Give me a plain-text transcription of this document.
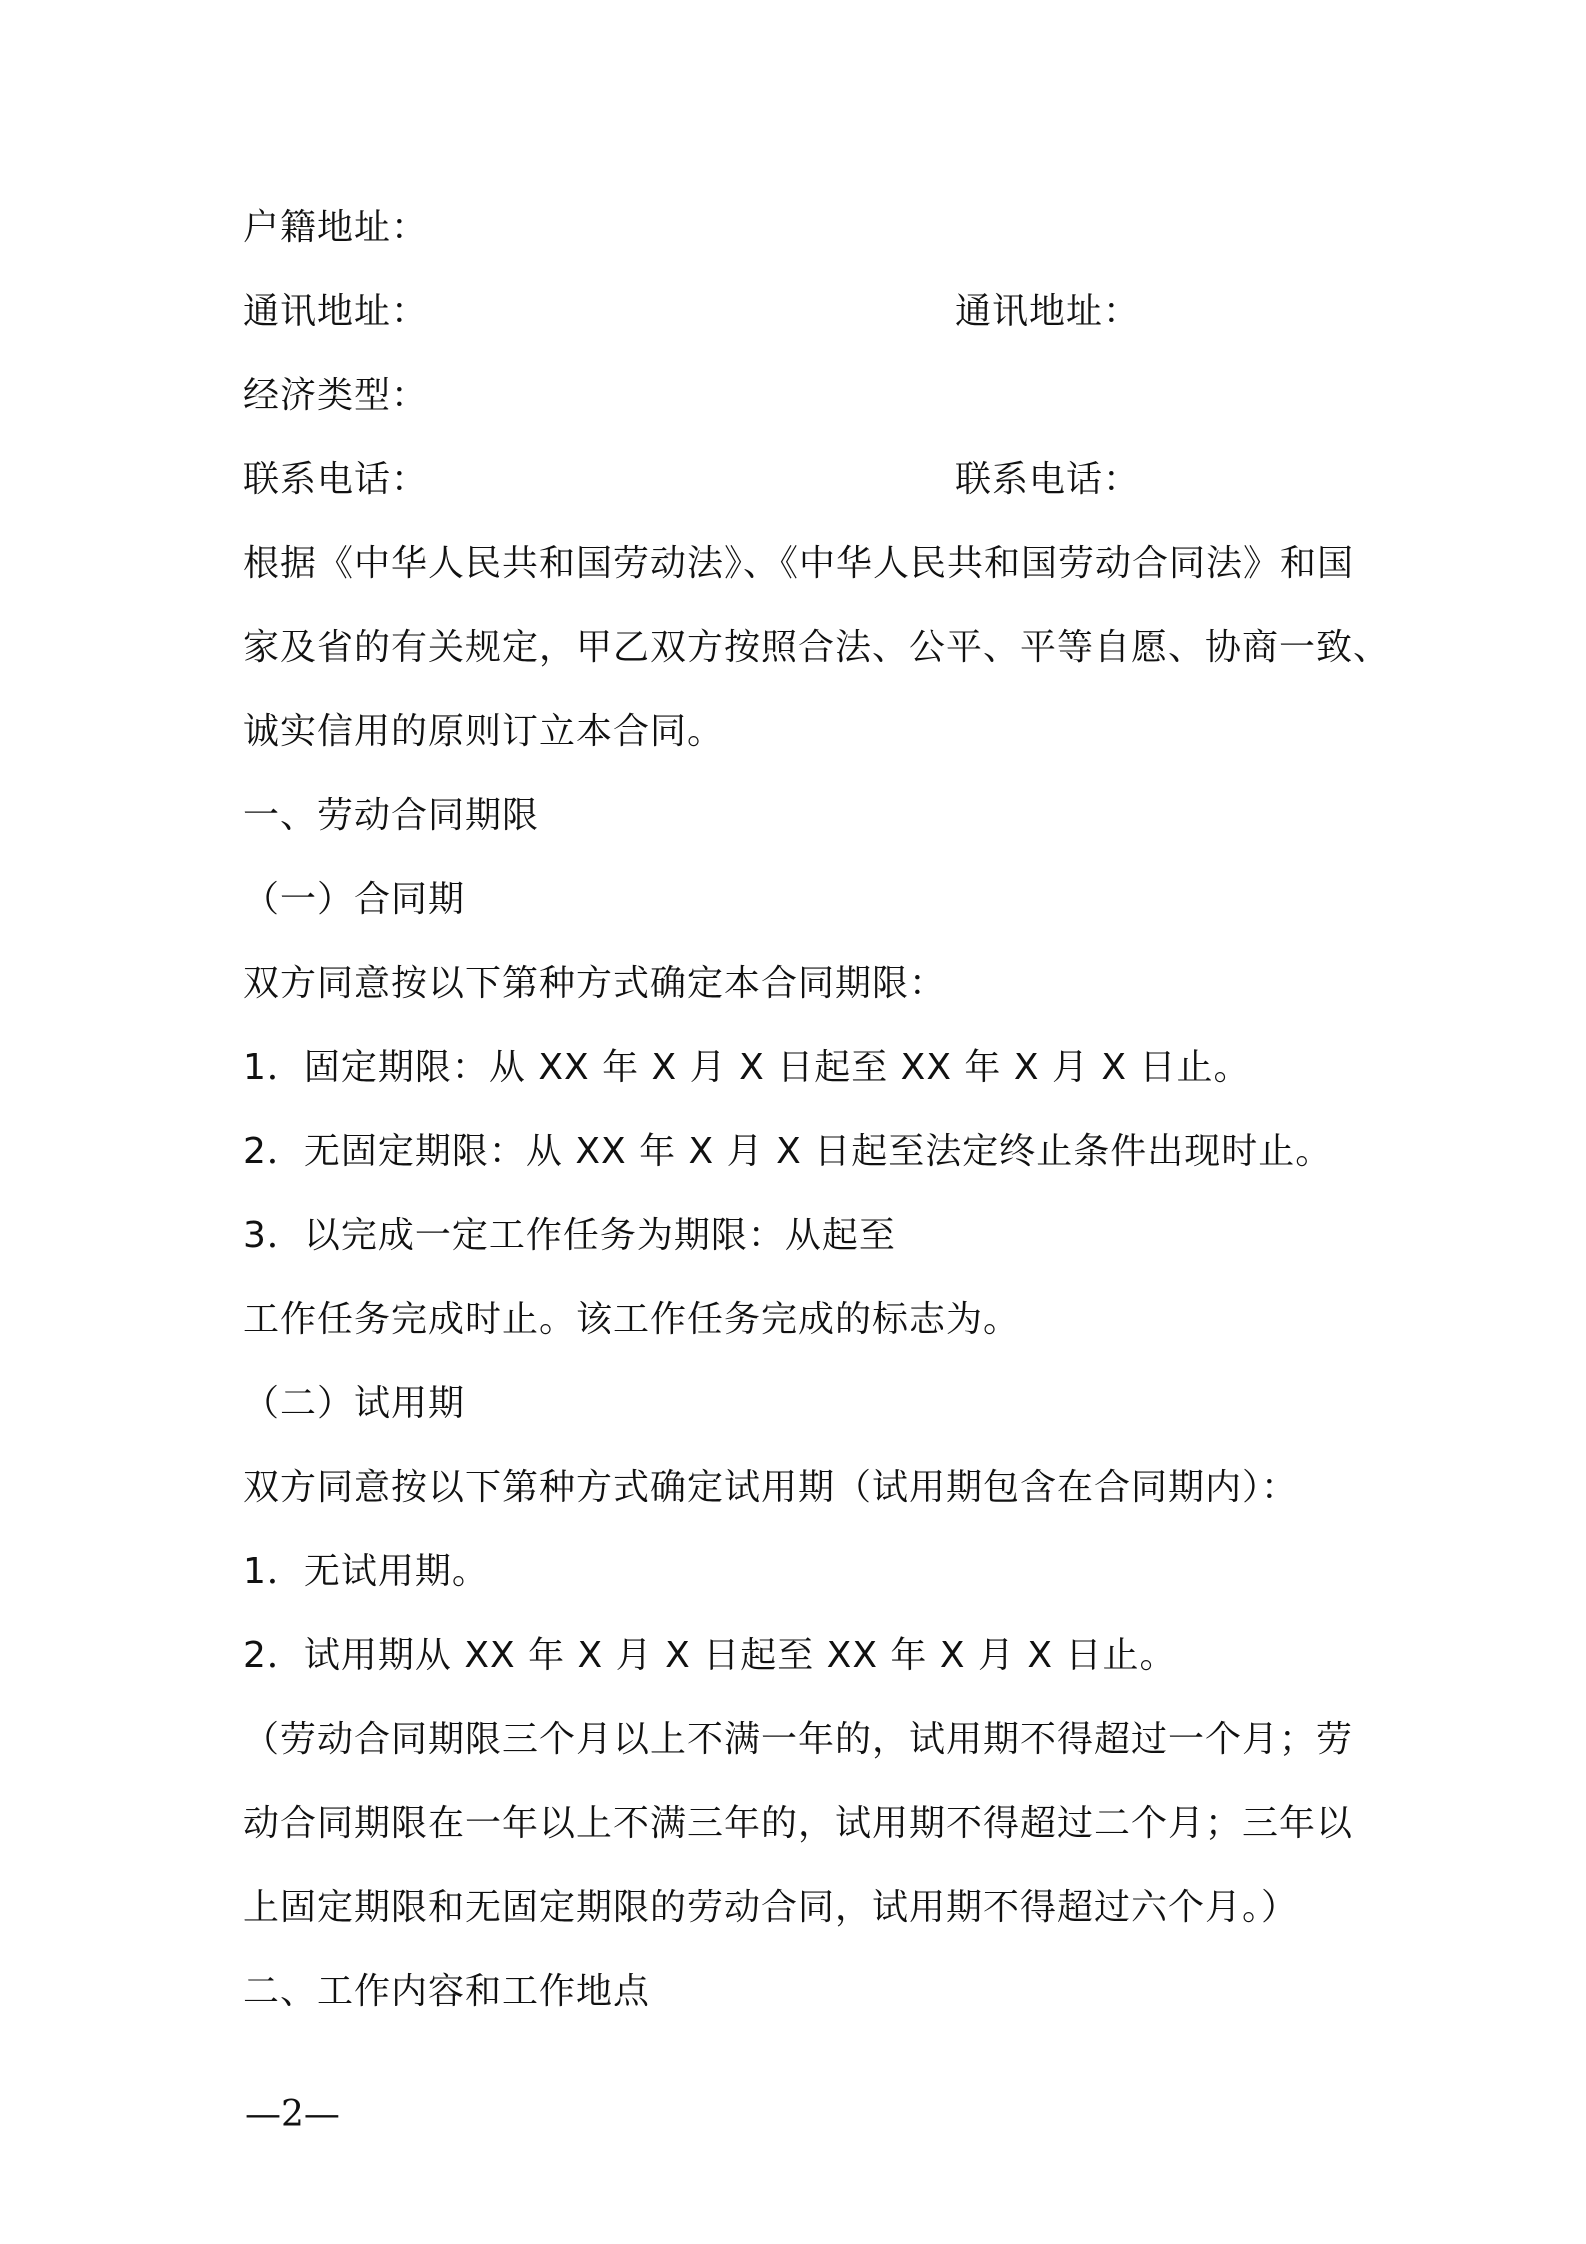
户籍地址：
通讯地址：	通讯地址：
经济类型：
联系电话：	联系电话：
根据《中华人民共和国劳动法》、《中华人民共和国劳动合同法》和国
家及省的有关规定，甲乙双方按照合法、公平、平等自愿、协商一致、
诚实信用的原则订立本合同。
一、劳动合同期限
（一）合同期
双方同意按以下第种方式确定本合同期限：
1．固定期限：从 XX 年 X 月 X 日起至 XX 年 X 月 X 日止。
2．无固定期限：从 XX 年 X 月 X 日起至法定终止条件出现时止。
3．以完成一定工作任务为期限：从起至
工作任务完成时止。该工作任务完成的标志为。
（二）试用期
双方同意按以下第种方式确定试用期（试用期包含在合同期内）：
1．无试用期。
2．试用期从 XX 年 X 月 X 日起至 XX 年 X 月 X 日止。
（劳动合同期限三个月以上不满一年的，试用期不得超过一个月；劳
动合同期限在一年以上不满三年的，试用期不得超过二个月；三年以
上固定期限和无固定期限的劳动合同，试用期不得超过六个月。）
二、工作内容和工作地点
—2—
